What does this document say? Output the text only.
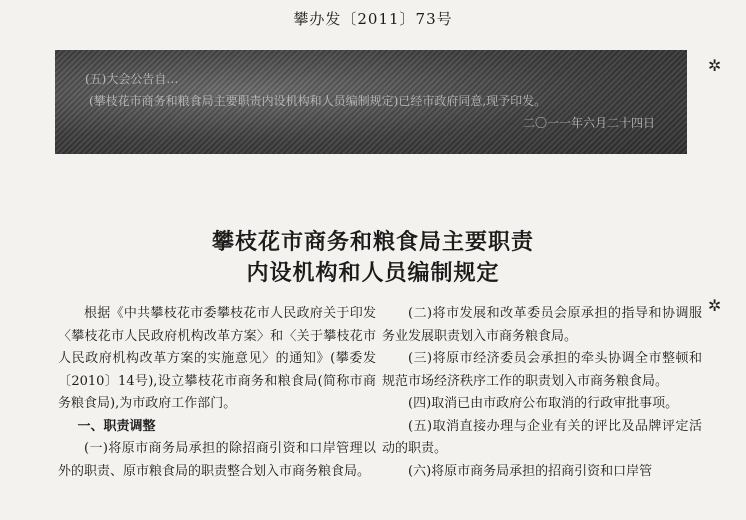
攀办发〔2011〕73号
(五)大会公告自…
(攀枝花市商务和粮食局主要职责内设机构和人员编制规定)已经市政府同意,现予印发。
二〇一一年六月二十四日
✲
✲
攀枝花市商务和粮食局主要职责
内设机构和人员编制规定

根据《中共攀枝花市委攀枝花市人民政府关于印发〈攀枝花市人民政府机构改革方案〉和〈关于攀枝花市人民政府机构改革方案的实施意见〉的通知》(攀委发〔2010〕14号),设立攀枝花市商务和粮食局(简称市商务粮食局),为市政府工作部门。

一、职责调整

(一)将原市商务局承担的除招商引资和口岸管理以外的职责、原市粮食局的职责整合划入市商务粮食局。

(二)将市发展和改革委员会原承担的指导和协调服务业发展职责划入市商务粮食局。

(三)将原市经济委员会承担的牵头协调全市整顿和规范市场经济秩序工作的职责划入市商务粮食局。

(四)取消已由市政府公布取消的行政审批事项。

(五)取消直接办理与企业有关的评比及品牌评定活动的职责。

(六)将原市商务局承担的招商引资和口岸管
